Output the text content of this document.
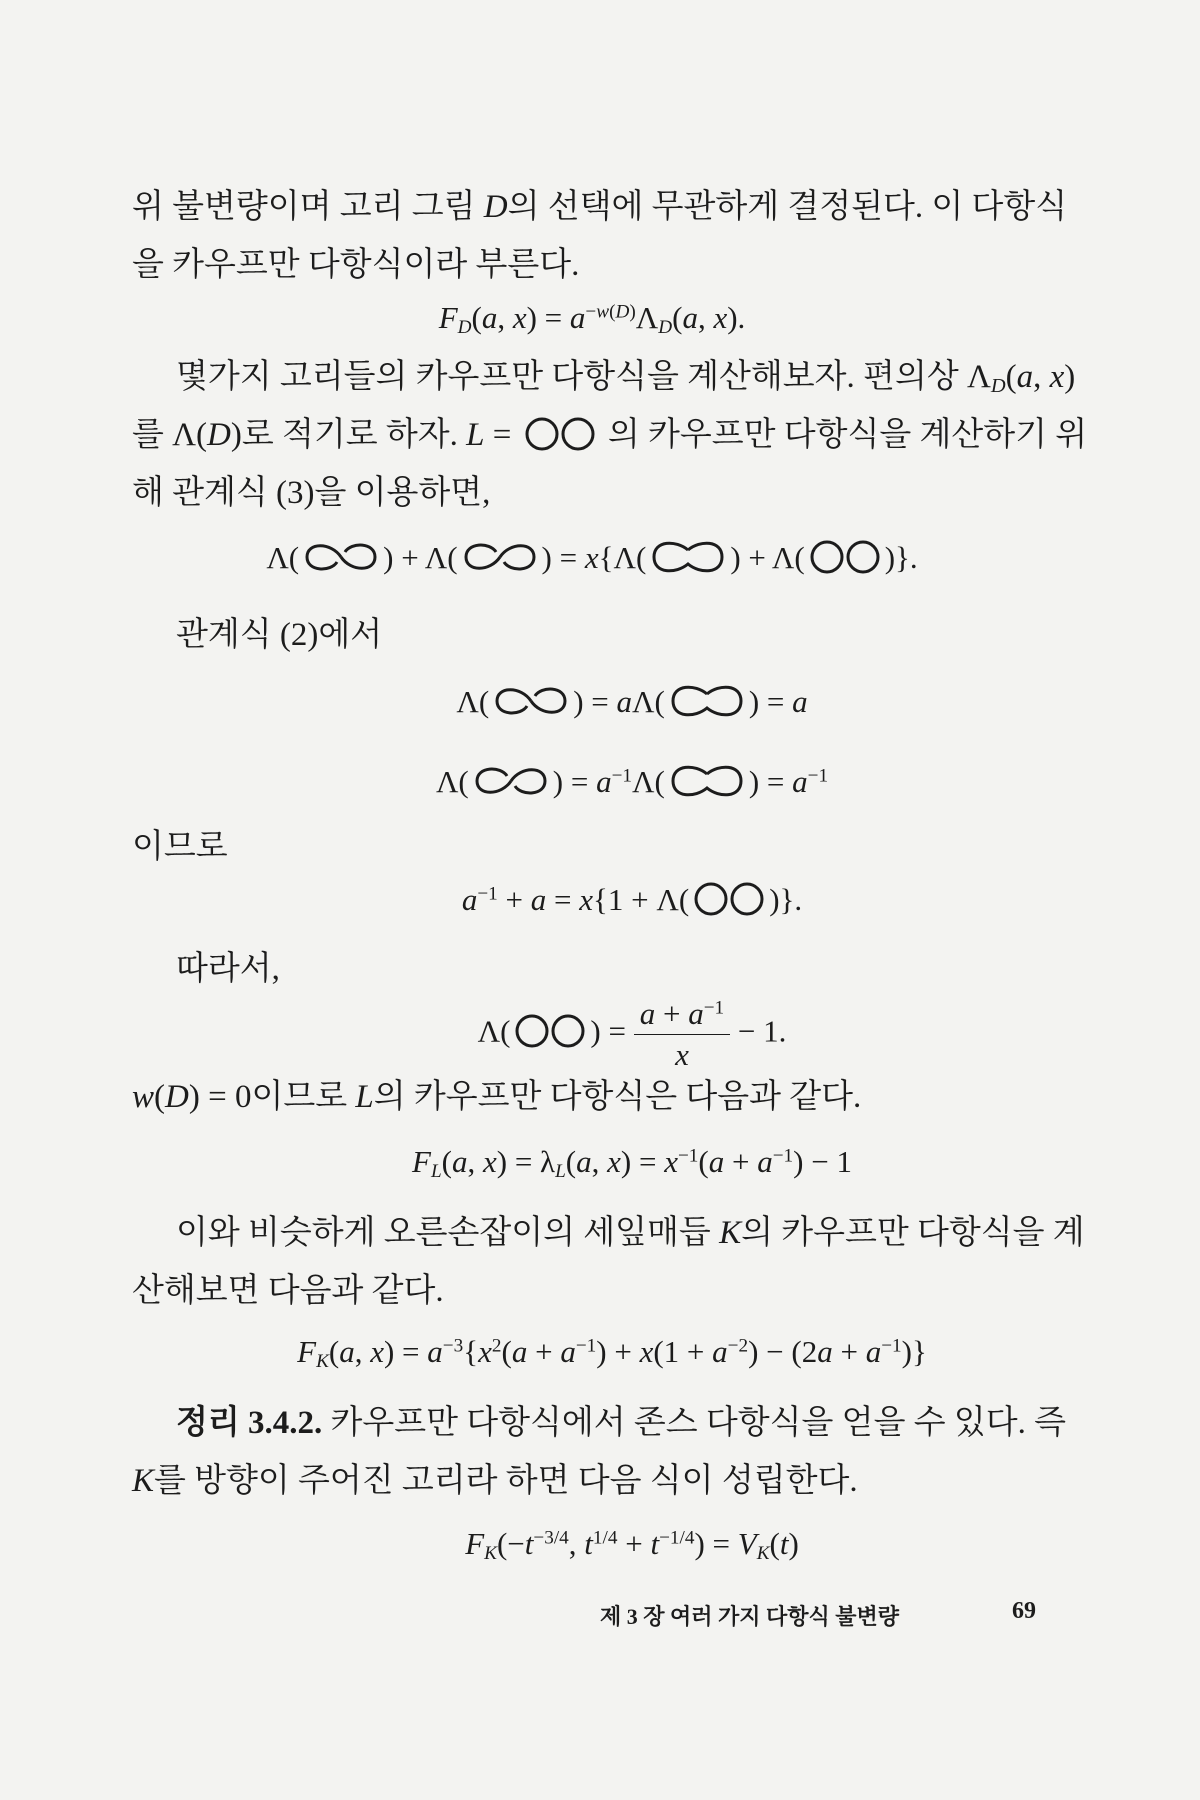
위 불변량이며 고리 그림 D의 선택에 무관하게 결정된다. 이 다항식
을 카우프만 다항식이라 부른다.
$F_D(a$, $x) = a^{-w(D)}\Lambda_D(a$, x).
몇가지 고리들의 카우프만 다항식을 계산해보자. 편의상 $\Lambda_D(a$, x)
를 Λ(D)로 적기로 하자. L =  의 카우프만 다항식을 계산하기 위
해 관계식 (3)을 이용하면,
Λ(	) + Λ(	) = x{Λ(	) + Λ(	)}.
관계식 (2)에서
Λ(	) = aΛ(	) = a
Λ(	) = $a^{-1}\Lambda$(	) = $a^{-1}$
이므로
$a^{-1} + a = x\{1 + \Lambda$(	)}.
따라서,
Λ(	) = $\frac{a + a^{-1}}{x} - 1$.
w(D) = 0이므로 L의 카우프만 다항식은 다음과 같다.
$F_L(a$, $x) = \lambda_L(a$, $x) = x^{-1}(a + a^{-1}) - 1$
이와 비슷하게 오른손잡이의 세잎매듭 K의 카우프만 다항식을 계
산해보면 다음과 같다.
$F_K(a$, $x) = a^{-3}\{x^2(a + a^{-1}) + x(1 + a^{-2}) - (2a + a^{-1})\}$
정리 3.4.2. 카우프만 다항식에서 존스 다항식을 얻을 수 있다. 즉
K를 방향이 주어진 고리라 하면 다음 식이 성립한다.
$F_K(-t^{-3/4}$, $t^{1/4} + t^{-1/4}) = V_K(t)$
제 3 장 여러 가지 다항식 불변량	69
